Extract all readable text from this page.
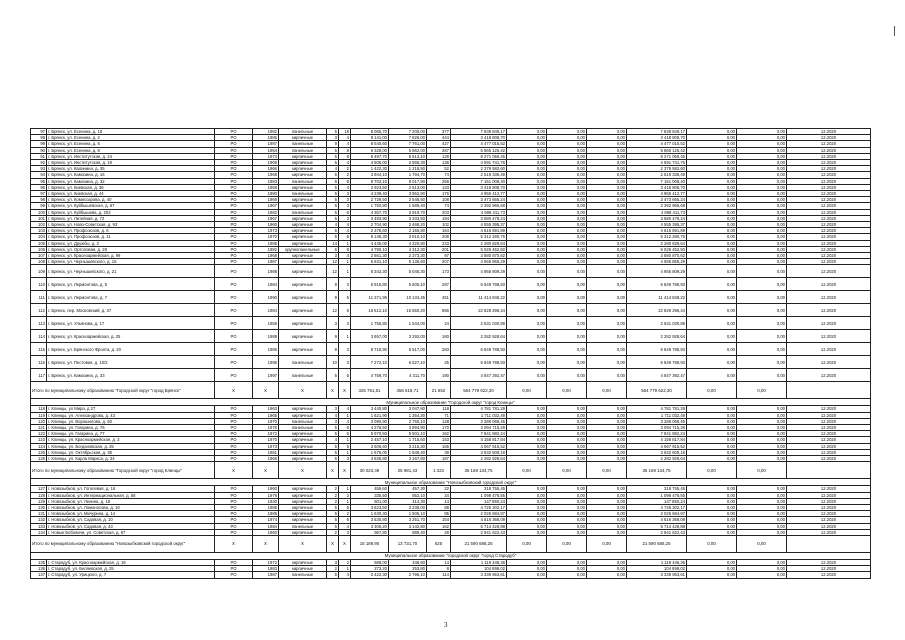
97	г. Брянск, ул. Есенина, д. 18	РО	1982	панельные	5	18	8 065,70	7 206,00	377	7 838 849,17	0,00	0,00	0,00	7 838 849,17	0,00	0,00	12.2020
98	г. Брянск, ул. Есенина, д. 2	РО	1985	кирпичные	3	4	9 141,00	7 826,00	444	3 418 808,70	0,00	0,00	0,00	3 418 808,70	0,00	0,00	12.2020
99	г. Брянск, ул. Есенина, д. 6	РО	1987	панельные	9	4	8 540,60	7 761,00	427	4 477 015,52	0,00	0,00	0,00	4 477 015,52	0,00	0,00	12.2020
90	г. Брянск, ул. Есенина, д. 8	РО	1984	панельные	5	8	6 328,00	5 862,00	287	5 865 125,42	0,00	0,00	0,00	5 865 125,42	0,00	0,00	12.2020
91	г. Брянск, ул. Институтская, д. 24	РО	1973	кирпичные	5	8	6 497,70	5 613,10	128	8 271 059,45	0,00	0,00	0,00	8 271 059,45	0,00	0,00	12.2020
92	г. Брянск, ул. Институтская, д. 18	РО	1969	кирпичные	5	4	4 506,00	2 566,30	136	4 591 741,76	0,00	0,00	0,00	4 591 741,76	0,00	0,00	12.2020
93	г. Брянск, ул. Калинина, д. 35	РО	1966	кирпичные	4	2	1 422,30	1 218,50	52	2 379 582,60	0,00	0,00	0,00	2 379 582,60	0,00	0,00	12.2020
94	г. Брянск, ул. Камозина, д. 16	РО	1968	кирпичные	5	2	3 944,10	1 794,70	74	2 519 336,49	0,00	0,00	0,00	2 519 336,49	0,00	0,00	12.2020
95	г. Брянск, ул. Камозина, д. 32	РО	1983	панельные	5	8	8 703,10	8 017,90	256	7 151 008,40	0,00	0,00	0,00	7 151 008,40	0,00	0,00	12.2020
96	г. Брянск, ул. Киевская, д. 36	РО	1968	кирпичные	5	4	2 923,50	2 613,00	133	3 418 808,70	0,00	0,00	0,00	3 418 808,70	0,00	0,00	12.2020
97	г. Брянск, ул. Киевская, д. 44	РО	1980	панельные	5	3	4 239,40	3 852,90	176	4 955 412,77	0,00	0,00	0,00	4 955 412,77	0,00	0,00	12.2020
98	г. Брянск, ул. Комиссарова, д. 40	РО	1969	кирпичные	5	3	2 729,50	2 546,50	108	3 473 665,24	0,00	0,00	0,00	3 473 665,24	0,00	0,00	12.2020
99	г. Брянск, ул. Куйбышевская, д. 67	РО	1967	кирпичные	5	3	1 750,80	1 589,40	74	2 392 965,68	0,00	0,00	0,00	2 392 965,68	0,00	0,00	12.2020
100	г. Брянск, ул. Куйбышева, д. 203	РО	1982	панельные	5	6	4 357,70	3 919,70	203	4 698 411,73	0,00	0,00	0,00	4 698 411,73	0,00	0,00	12.2020
101	г. Брянск, ул. Литейная, д. 72	РО	1967	кирпичные	5	3	3 493,90	3 333,50	194	3 580 478,24	0,00	0,00	0,00	3 580 478,24	0,00	0,00	12.2020
102	г. Брянск, ул. Ново-Советская, д. 93	РО	1960	кирпичные	4	4	2 704,90	2 468,20	102	4 555 395,37	0,00	0,00	0,00	4 555 395,37	0,00	0,00	12.2020
103	г. Брянск, ул. Профсоюзов, д. 6	РО	1973	кирпичные	5	4	2 378,60	2 155,80	164	4 615 691,89	0,00	0,00	0,00	4 615 691,89	0,00	0,00	12.2020
104	г. Брянск, ул. Профсоюзов, д. 11	РО	1970	кирпичные	5	6	5 145,30	3 810,10	206	5 312 280,75	0,00	0,00	0,00	5 312 280,75	0,00	0,00	12.2020
105	г. Брянск, ул. Дружбы, д. 2	РО	1985	кирпичные	14	1	4 435,00	4 220,80	233	2 280 829,64	0,00	0,00	0,00	2 280 829,64	0,00	0,00	12.2020
106	г. Брянск, ул. Ортоловая, д. 28	РО	1982	крупнопанельные	6	8	4 790,10	4 312,30	201	5 026 452,50	0,00	0,00	0,00	5 026 452,50	0,00	0,00	12.2020
107	г. Брянск, ул. Красноармейская, д. 99	РО	1968	кирпичные	3	4	2 661,30	2 373,30	97	3 880 870,62	0,00	0,00	0,00	3 880 870,62	0,00	0,00	12.2020
108	г. Брянск, ул. Чернышевского, д. 16	РО	1987	кирпичные	12	1	5 841,10	5 136,60	207	4 555 855,29	0,00	0,00	0,00	4 555 855,29	0,00	0,00	12.2020
109	г. Брянск, ул. Чернышевского, д. 21	РО	1988	кирпичные	12	1	5 342,30	5 045,30	173	4 955 809,29	0,00	0,00	0,00	4 955 809,29	0,00	0,00	12.2020
110	г. Брянск, ул. Лермонтова, д. 5	РО	1984	кирпичные	9	3	6 915,80	5 605,10	287	6 849 788,93	0,00	0,00	0,00	6 849 788,93	0,00	0,00	12.2020
111	г. Брянск, ул. Лермонтова, д. 7	РО	1990	кирпичные	9	5	11 371,95	10 134,45	451	11 414 848,22	0,00	0,00	0,00	11 414 848,22	0,00	0,00	12.2020
112	г. Брянск, пер. Московский, д. 37	РО	1984	кирпичные	12	5	18 512,10	15 550,20	856	22 829 296,44	0,00	0,00	0,00	22 829 296,44	0,00	0,00	12.2020
113	г. Брянск, ул. Ульянова, д. 17	РО	1958	кирпичные	3	3	1 755,80	1 544,00	24	2 631 030,89	0,00	0,00	0,00	2 631 030,89	0,00	0,00	12.2020
114	г. Брянск, ул. Красноармейская, д. 25	РО	1989	кирпичные	9	1	3 657,00	3 292,00	160	2 282 928,64	0,00	0,00	0,00	2 282 928,64	0,00	0,00	12.2020
115	г. Брянск, ул. Брянского Фронта, д. 20	РО	1985	кирпичные	9	3	8 718,90	5 517,00	283	6 849 788,93	0,00	0,00	0,00	6 849 788,93	0,00	0,00	12.2020
116	г. Брянск, ул. Пестовая, д. 10/2	РО	1995	панельные	10	3	7 272,10	6 527,10	25	6 849 788,93	0,00	0,00	0,00	6 849 788,93	0,00	0,00	12.2020
117	г. Брянск, ул. Камозина, д. 33	РО	1997	панельные	5	6	4 759,70	4 311,70	190	4 847 392,47	0,00	0,00	0,00	4 847 392,47	0,00	0,00	12.2020
Итого по муниципальному образованию "Городской округ "город Брянск"		Х	Х	Х	Х	Х	325 751,51	456 518,71	21 652	564 779 622,30	0,00	0,00	0,00	564 779 622,30	0,00	0,00	
Муниципальное образование "Городской округ "город Клинцы"																	
118	г. Клинцы, ул Мира, д 27	РО	1963	кирпичные	3	4	3 440,80	3 047,80	118	4 781 781,29	0,00	0,00	0,00	4 781 781,29	0,00	0,00	12.2020
119	г. Клинцы, ул. Александрова, д. 43	РО	1965	кирпичные	4	1	1 621,90	1 354,30	71	1 711 032,49	0,00	0,00	0,00	1 711 032,49	0,00	0,00	12.2020
120	г. Клинцы, ул. Ворошилова, д. 50	РО	1970	панельные	3	4	3 090,90	2 750,10	128	3 286 068,45	0,00	0,00	0,00	3 286 068,45	0,00	0,00	12.2020
121	г. Клинцы, ул. Гагарина, д. 76	РО	1976	панельные	5	6	4 276,50	3 894,90	170	3 094 715,29	0,00	0,00	0,00	3 094 715,29	0,00	0,00	12.2020
122	г. Клинцы, ул. Гагарина, д. 77	РО	1972	кирпичные	5	6	5 970,50	5 501,10	162	7 841 882,24	0,00	0,00	0,00	7 841 882,24	0,00	0,00	12.2020
123	г. Клинцы, ул. Красноармейская, д. 3	РО	1970	кирпичные	4	1	2 457,10	1 715,60	153	4 158 817,84	0,00	0,00	0,00	4 158 817,84	0,00	0,00	12.2020
124	г. Клинцы, ул. Богдановская, д. 25	РО	1973	кирпичные	5	5	3 606,60	3 215,30	165	4 067 915,52	0,00	0,00	0,00	4 067 915,52	0,00	0,00	12.2020
125	г. Клинцы, ул. Октябрьская, д. 36	РО	1981	кирпичные	5	1	1 676,00	1 646,40	39	3 632 609,18	0,00	0,00	0,00	3 632 609,18	0,00	0,00	12.2020
126	г. Клинцы, ул. Карла Маркса, д. 34	РО	1968	кирпичные	5	3	3 836,80	3 167,60	187	2 282 928,64	0,00	0,00	0,00	2 282 928,64	0,00	0,00	12.2020
Итого по муниципальному образованию "Городской округ "город Клинцы"		Х	Х	Х	Х	Х	30 023,49	25 981,43	1 323	35 169 134,75	0,00	0,00	0,00	35 169 134,75	0,00	0,00	
Муниципальное образование "Новозыбковский городской округ"																	
127	г. Новозыбков, ул. Гоголевая, д. 16	РО	1960	кирпичные	2	1	459,60	457,30	22	318 755,45	0,00	0,00	0,00	318 755,45	0,00	0,00	12.2020
128	г. Новозыбков, ул. Интернациональная, д. 58	РО	1978	кирпичные	2	2	335,50	852,10	34	1 098 476,55	0,00	0,00	0,00	1 098 476,55	0,00	0,00	12.2020
129	г. Новозыбков, ул. Ленина, д. 18	РО	1930	кирпичные	2	1	501,00	414,30	14	147 850,24	0,00	0,00	0,00	147 850,24	0,00	0,00	12.2020
130	г. Новозыбков, ул. Ломоносова, д. 16	РО	1985	кирпичные	5	5	3 623,50	3 236,00	88	4 725 302,17	0,00	0,00	0,00	4 725 302,17	0,00	0,00	12.2020
131	г. Новозыбков, ул. Мичурина, д. 14	РО	1985	кирпичные	5	2	1 630,30	1 505,10	85	2 025 684,87	0,00	0,00	0,00	2 025 684,87	0,00	0,00	12.2020
132	г. Новозыбков, ул. Садовая, д. 10	РО	1974	кирпичные	5	6	3 530,80	3 251,70	154	4 616 368,09	0,00	0,00	0,00	4 616 368,09	0,00	0,00	12.2020
133	г. Новозыбков, ул. Садовая, д. 43	РО	1984	панельные	5	4	3 306,20	3 142,80	162	5 714 428,88	0,00	0,00	0,00	5 714 428,88	0,00	0,00	12.2020
134	г. Новые Бобовичи, ул. Советская, д. 67	РО	1960	кирпичные	2	3	967,80	889,40	28	2 941 622,43	0,00	0,00	0,00	2 941 622,43	0,00	0,00	12.2020
Итого по муниципальному образованию "Новозыбковский городской округ"		Х	Х	Х	Х	Х	15 189,90	13 731,70	625	21 590 688,25	0,00	0,00	0,00	21 590 688,25	0,00	0,00	
Муниципальное образование "городской округ "город Стародуб"																	
135	г. Стародуб, ул. Красноармейская, д. 19	РО	1972	кирпичные	3	2	588,00	448,60	14	1 119 446,36	0,00	0,00	0,00	1 119 446,36	0,00	0,00	12.2020
136	г. Стародуб, ул. Беляевская, д. 25	РО	1983	кирпичные	2	1	273,20	253,80	8	104 898,02	0,00	0,00	0,00	104 898,02	0,00	0,00	12.2020
137	г. Стародуб, ул. Урицкого, д. 7	РО	1987	панельные	5	4	3 422,30	2 795,10	114	3 339 953,61	0,00	0,00	0,00	3 339 953,61	0,00	0,00	12.2020
3
